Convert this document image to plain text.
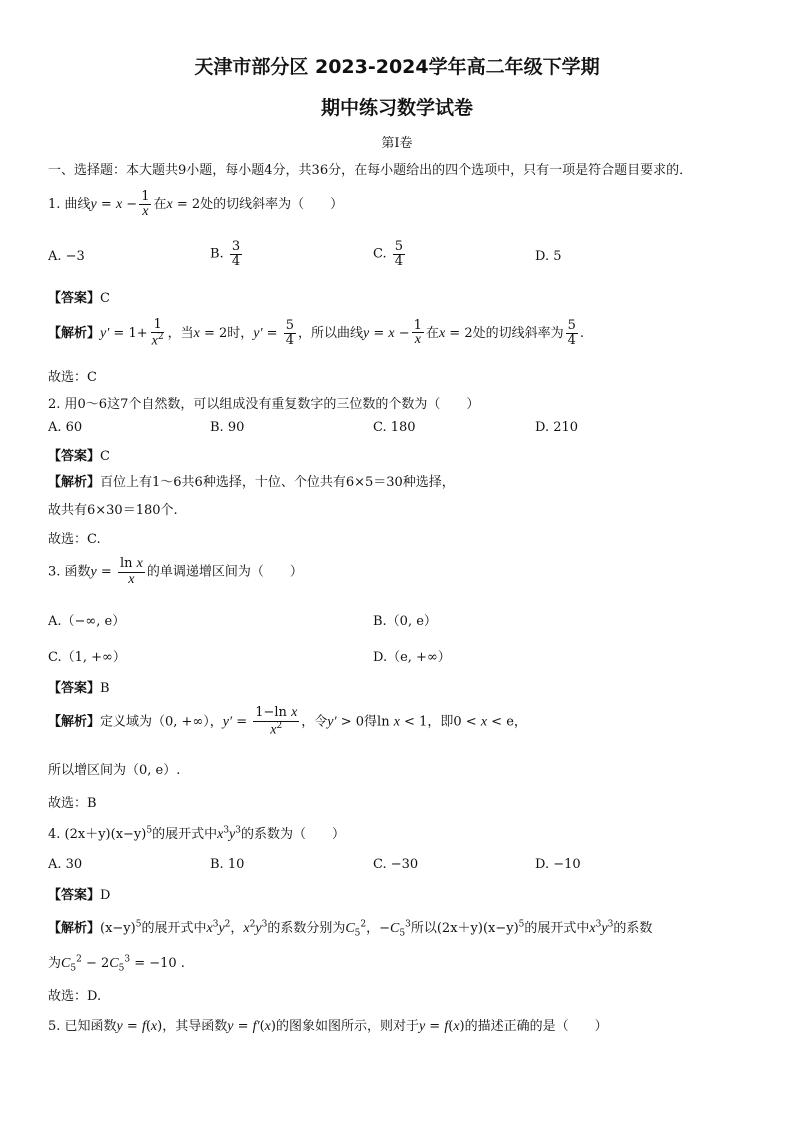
天津市部分区 2023-2024学年高二年级下学期
期中练习数学试卷
第Ⅰ卷
一、选择题：本大题共9小题，每小题4分，共36分，在每小题给出的四个选项中，只有一项是符合题目要求的．
1. 曲线$y = x - \frac{1}{x}$ 在x = 2处的切线斜率为（　　）
A. −3	B. $\frac{3}{4}$	C. $\frac{5}{4}$	D. 5
【答案】C
【解析】$y' = 1+ \frac{1}{x^2}$ ，当x = 2时，$y' = \frac{5}{4}$ ，所以曲线$y = x - \frac{1}{x}$ 在x = 2处的切线斜率为 $\frac{5}{4}$ .
故选：C
2. 用0～6这7个自然数，可以组成没有重复数字的三位数的个数为（　　）
A. 60	B. 90	C. 180	D. 210
【答案】C
【解析】百位上有1～6共6种选择，十位、个位共有6×5＝30种选择，
故共有6×30＝180个.
故选：C.
3. 函数$y = \frac{\text{ln x}}{x}$ 的单调递增区间为（　　）
A.（−∞, e）	B.（0, e）
C.（1, +∞）	D.（e, +∞）
【答案】B
【解析】定义域为（0, +∞），$y' = \frac{\text{1−ln x}}{x^2}$ ，令y′ > 0得ln x < 1，即0 < x < e，
所以增区间为（0, e）.
故选：B
4. $(2x+y)(x-y)^5$的展开式中$x^3y^3$的系数为（　　）
A. 30	B. 10	C. −30	D. −10
【答案】D
【解析】$(x-y)^5$的展开式中$x^3y^2$，$x^2y^3$的系数分别为$C_5^2$，$-C_5^3$所以$(2x+y)(x-y)^5$的展开式中$x^3y^3$的系数
为$C_5^2 - 2C_5^3 = -10$ .
故选：D.
5. 已知函数y = f(x)，其导函数y = f′(x)的图象如图所示，则对于y = f(x)的描述正确的是（　　）
